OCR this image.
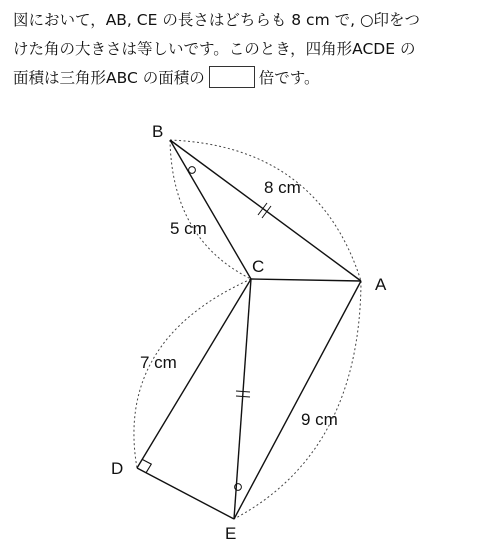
図において，AB, CE の長さはどちらも 8 cm で, ○印をつ
けた角の大きさは等しいです。このとき，四角形ACDE の
面積は三角形ABC の面積の	倍です。
B
C
A
D
E
8 cm
5 cm
7 cm
9 cm
